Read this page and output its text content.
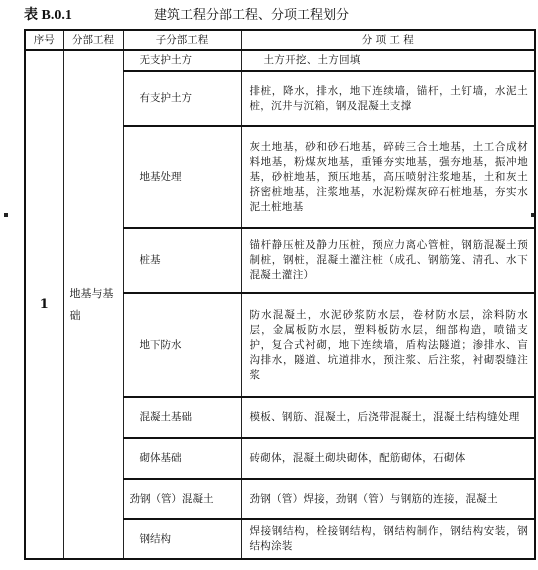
表 B.0.1	建筑工程分部工程、分项工程划分
序号	分部工程	子分部工程	分 项 工 程
1	地基与基础	无支护土方	土方开挖、土方回填
		有支护土方	排桩，降水，排水，地下连续墙，锚杆，土钉墙，水泥土桩，沉井与沉箱，钢及混凝土支撑
		地基处理	灰土地基，砂和砂石地基，碎砖三合土地基，土工合成材料地基，粉煤灰地基，重锤夯实地基，强夯地基，振冲地基，砂桩地基，预压地基，高压喷射注浆地基，土和灰土挤密桩地基，注浆地基，水泥粉煤灰碎石桩地基，夯实水泥土桩地基
		桩基	锚杆静压桩及静力压桩，预应力离心管桩，钢筋混凝土预制桩，钢桩，混凝土灌注桩（成孔、钢筋笼、清孔、水下混凝土灌注）
		地下防水	防水混凝土，水泥砂浆防水层，卷材防水层，涂料防水层，金属板防水层，塑料板防水层，细部构造，喷锚支护，复合式衬砌，地下连续墙，盾构法隧道；渗排水、盲沟排水，隧道、坑道排水，预注浆、后注浆，衬砌裂缝注浆
		混凝土基础	模板、钢筋、混凝土，后浇带混凝土，混凝土结构缝处理
		砌体基础	砖砌体，混凝土砌块砌体，配筋砌体，石砌体
		劲钢（管）混凝土	劲钢（管）焊接，劲钢（管）与钢筋的连接，混凝土
		钢结构	焊接钢结构，栓接钢结构，钢结构制作，钢结构安装，钢结构涂装
